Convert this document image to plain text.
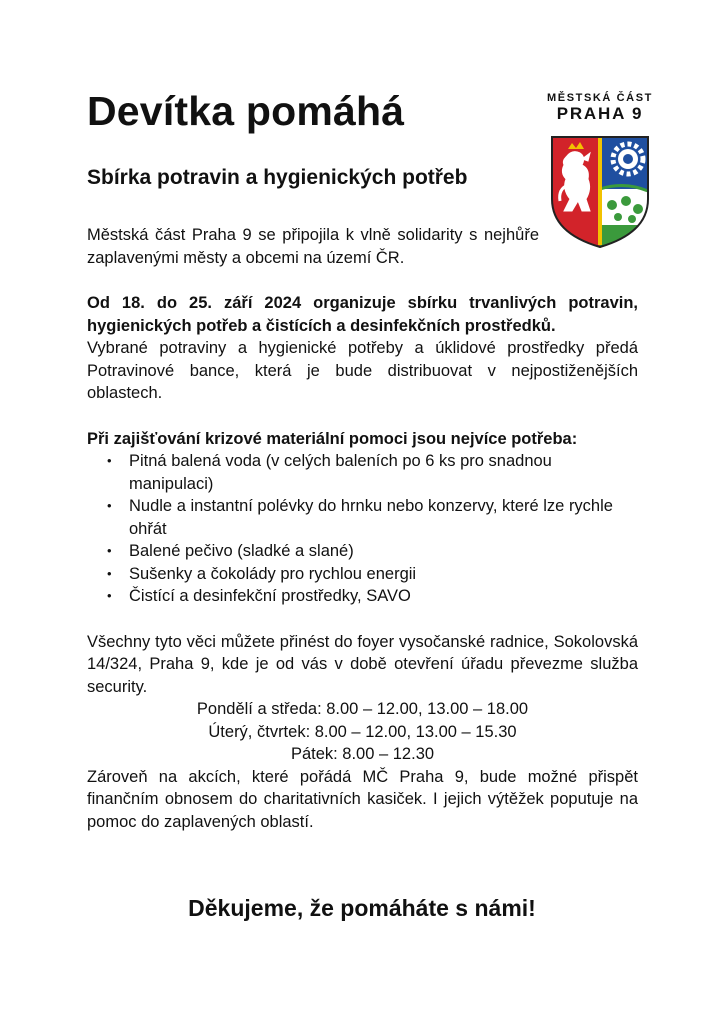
Devítka pomáhá
Sbírka potravin a hygienických potřeb
MĚSTSKÁ ČÁST
PRAHA 9

Městská část Praha 9 se připojila k vlně solidarity s nejhůře zaplavenými městy a obcemi na území ČR.

Od 18. do 25. září 2024 organizuje sbírku trvanlivých potravin, hygienických potřeb a čistících a desinfekčních prostředků.

Vybrané potraviny a hygienické potřeby a úklidové prostředky předá Potravinové bance, která je bude distribuovat v nejpostiženějších oblastech.

Při zajišťování krizové materiální pomoci jsou nejvíce potřeba:

• Pitná balená voda (v celých baleních po 6 ks pro snadnou manipulaci)
• Nudle a instantní polévky do hrnku nebo konzervy, které lze rychle ohřát
• Balené pečivo (sladké a slané)
• Sušenky a čokolády pro rychlou energii
• Čistící a desinfekční prostředky, SAVO

Všechny tyto věci můžete přinést do foyer vysočanské radnice, Sokolovská 14/324, Praha 9, kde je od vás v době otevření úřadu převezme služba security.

Pondělí a středa: 8.00 – 12.00, 13.00 – 18.00

Úterý, čtvrtek: 8.00 – 12.00, 13.00 – 15.30

Pátek: 8.00 – 12.30

Zároveň na akcích, které pořádá MČ Praha 9, bude možné přispět finančním obnosem do charitativních kasiček. I jejich výtěžek poputuje na pomoc do zaplavených oblastí.

Děkujeme, že pomáháte s námi!
